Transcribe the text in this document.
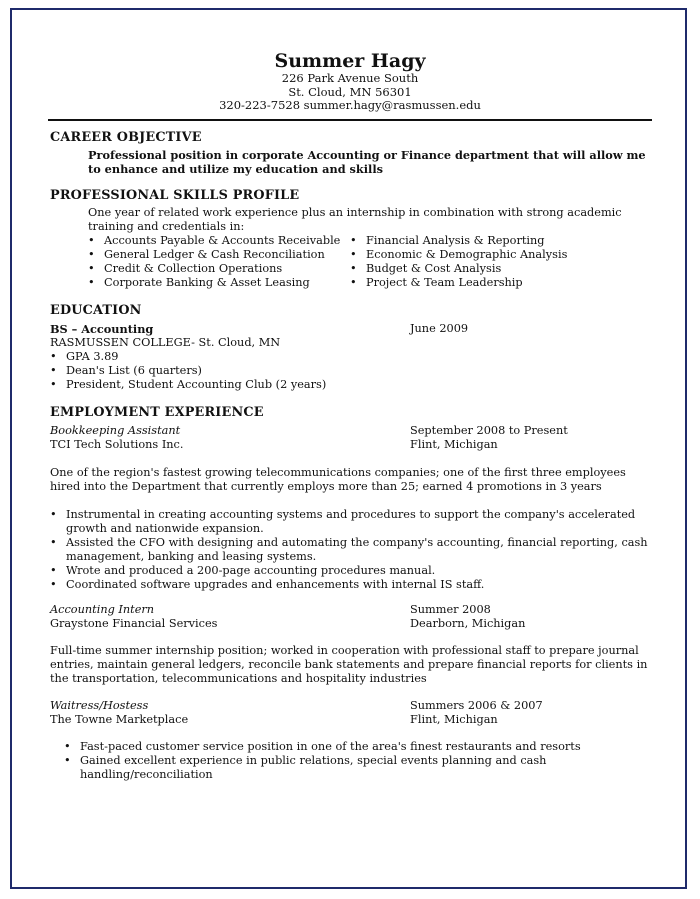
Summer Hagy
226 Park Avenue South
St. Cloud, MN 56301
320-223-7528 summer.hagy@rasmussen.edu
CAREER OBJECTIVE
Professional position in corporate Accounting or Finance department that will allow me to enhance and utilize my education and skills
PROFESSIONAL SKILLS PROFILE
One year of related work experience plus an internship in combination with strong academic training and credentials in:
• Accounts Payable & Accounts Receivable
• General Ledger & Cash Reconciliation
• Credit & Collection Operations
• Corporate Banking & Asset Leasing
• Financial Analysis & Reporting
• Economic & Demographic Analysis
• Budget & Cost Analysis
• Project & Team Leadership
EDUCATION
BS – Accounting	June 2009
RASMUSSEN COLLEGE- St. Cloud, MN
• GPA 3.89
• Dean's List (6 quarters)
• President, Student Accounting Club (2 years)
EMPLOYMENT EXPERIENCE
Bookkeeping Assistant	September 2008 to Present
TCI Tech Solutions Inc.	Flint, Michigan
One of the region's fastest growing telecommunications companies; one of the first three employees hired into the Department that currently employs more than 25; earned 4 promotions in 3 years
• Instrumental in creating accounting systems and procedures to support the company's accelerated growth and nationwide expansion.
• Assisted the CFO with designing and automating the company's accounting, financial reporting, cash management, banking and leasing systems.
• Wrote and produced a 200-page accounting procedures manual.
• Coordinated software upgrades and enhancements with internal IS staff.
Accounting Intern	Summer 2008
Graystone Financial Services	Dearborn, Michigan
Full-time summer internship position; worked in cooperation with professional staff to prepare journal entries, maintain general ledgers, reconcile bank statements and prepare financial reports for clients in the transportation, telecommunications and hospitality industries
Waitress/Hostess	Summers 2006 & 2007
The Towne Marketplace	Flint, Michigan
• Fast-paced customer service position in one of the area's finest restaurants and resorts
• Gained excellent experience in public relations, special events planning and cash handling/reconciliation
